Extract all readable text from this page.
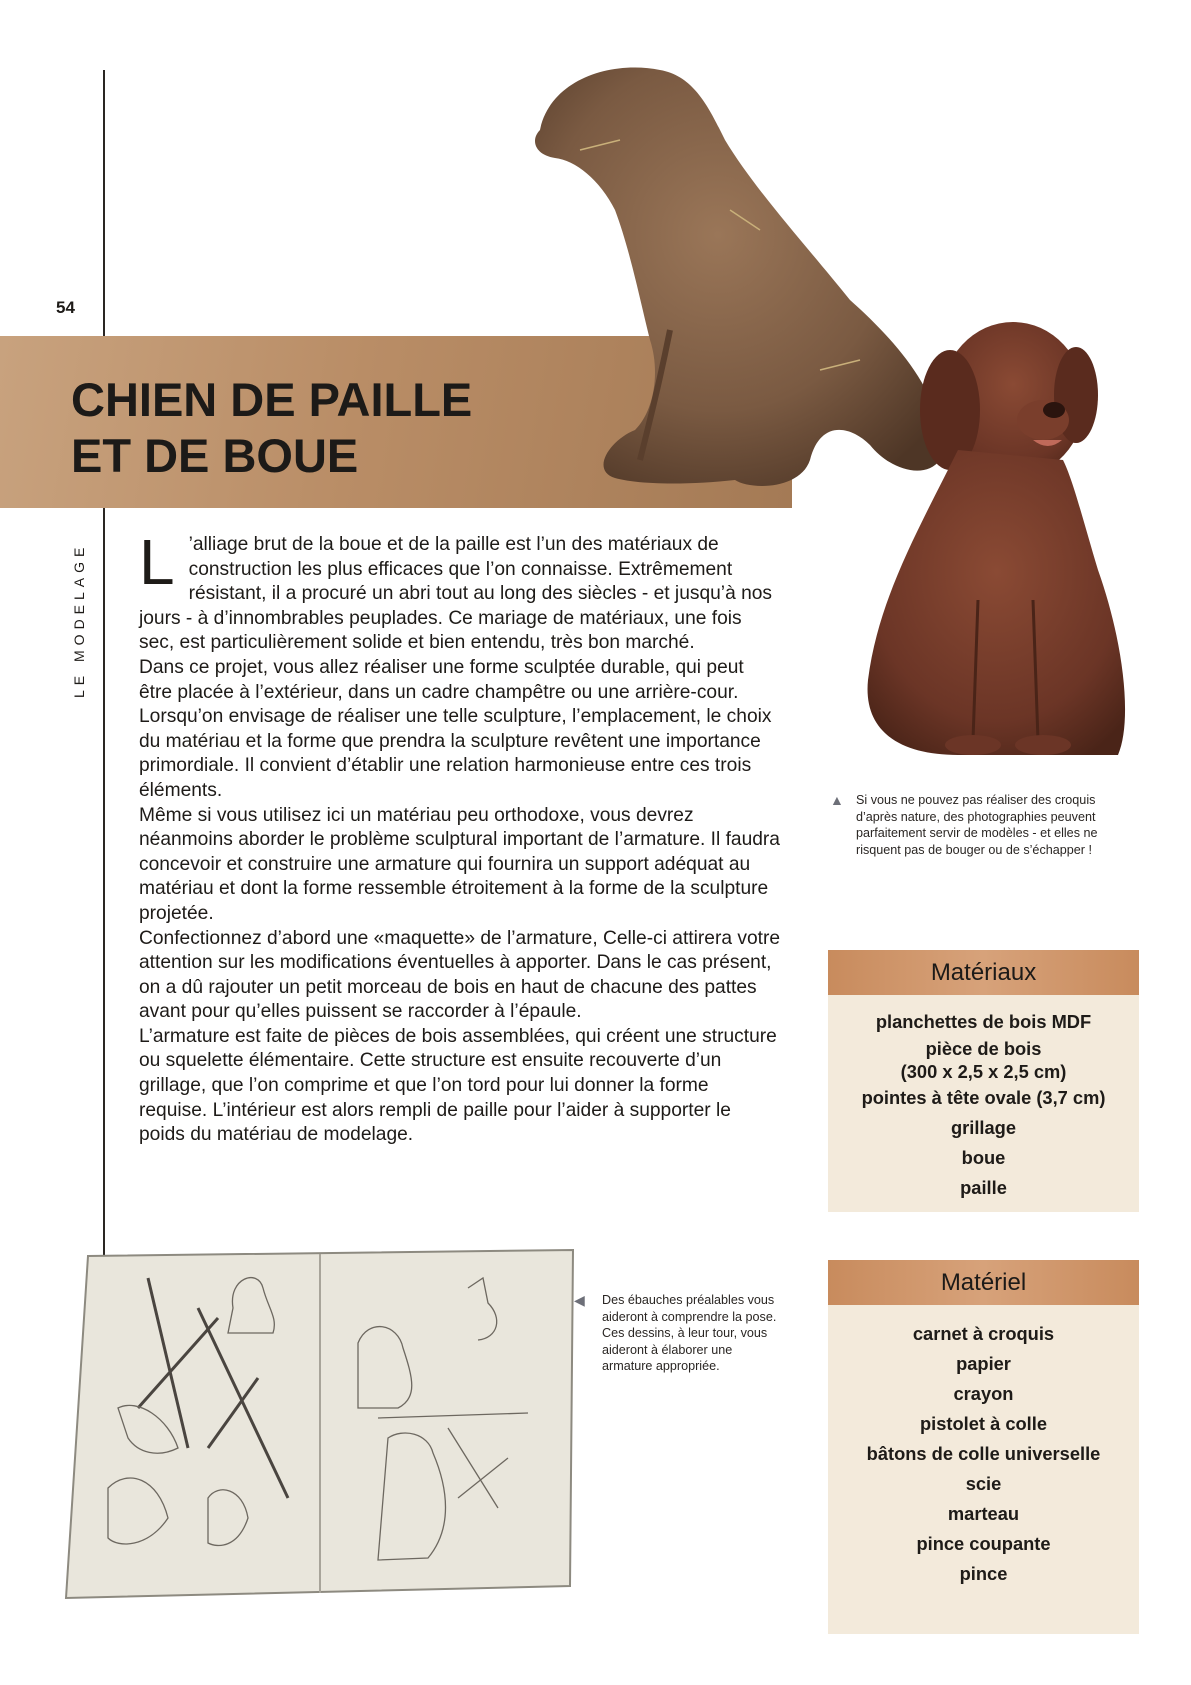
54
LE MODELAGE
CHIEN DE PAILLE
ET DE BOUE
L ’alliage brut de la boue et de la paille est l’un des matériaux de construction les plus efficaces que l’on connaisse. Extrêmement résistant, il a procuré un abri tout au long des siècles - et jusqu’à nos jours - à d’innombrables peuplades. Ce mariage de matériaux, une fois sec, est particulièrement solide et bien entendu, très bon marché.

Dans ce projet, vous allez réaliser une forme sculptée durable, qui peut être placée à l’extérieur, dans un cadre champêtre ou une arrière-cour. Lorsqu’on envisage de réaliser une telle sculpture, l’emplacement, le choix du matériau et la forme que prendra la sculpture revêtent une importance primordiale. Il convient d’établir une relation harmonieuse entre ces trois éléments.

Même si vous utilisez ici un matériau peu orthodoxe, vous devrez néanmoins aborder le problème sculptural important de l’armature. Il faudra concevoir et construire une armature qui fournira un support adéquat au matériau et dont la forme ressemble étroitement à la forme de la sculpture projetée.

Confectionnez d’abord une «maquette» de l’armature, Celle-ci attirera votre attention sur les modifications éventuelles à apporter. Dans le cas présent, on a dû rajouter un petit morceau de bois en haut de chacune des pattes avant pour qu’elles puissent se raccorder à l’épaule.

L’armature est faite de pièces de bois assemblées, qui créent une structure ou squelette élémentaire. Cette structure est ensuite recouverte d’un grillage, que l’on comprime et que l’on tord pour lui donner la forme requise. L’intérieur est alors rempli de paille pour l’aider à supporter le poids du matériau de modelage.

▲ Si vous ne pouvez pas réaliser des croquis d’après nature, des photographies peuvent parfaitement servir de modèles - et elles ne risquent pas de bouger ou de s’échapper !
Matériaux
planchettes de bois MDF
pièce de bois
(300 x 2,5 x 2,5 cm)
pointes à tête ovale (3,7 cm)
grillage
boue
paille
◀ Des ébauches préalables vous aideront à comprendre la pose. Ces dessins, à leur tour, vous aideront à élaborer une armature appropriée.
Matériel
carnet à croquis
papier
crayon
pistolet à colle
bâtons de colle universelle
scie
marteau
pince coupante
pince
